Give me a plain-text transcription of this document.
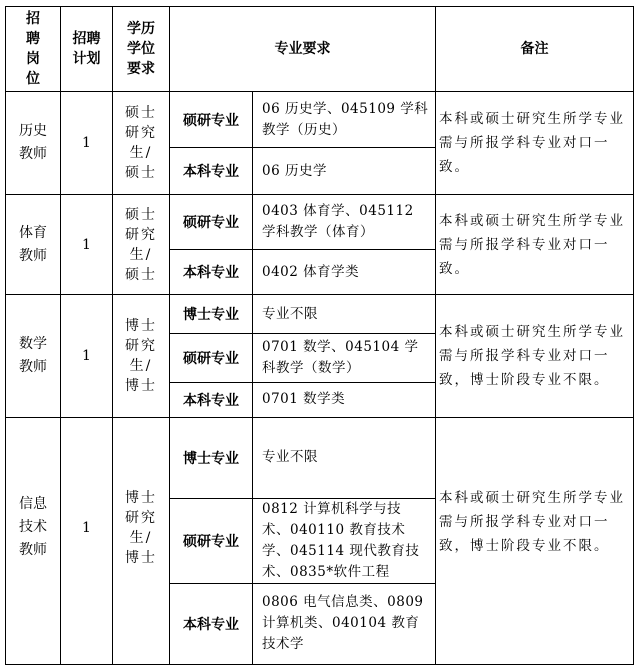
招聘岗位	招聘计划	学历学位要求	专业要求		备注
历史教师	1	硕士研究生/硕士	硕研专业	06 历史学、045109 学科教学（历史）	本科或硕士研究生所学专业需与所报学科专业对口一致。
			本科专业	06 历史学	
体育教师	1	硕士研究生/硕士	硕研专业	0403 体育学、045112 学科教学（体育）	本科或硕士研究生所学专业需与所报学科专业对口一致。
			本科专业	0402 体育学类	
数学教师	1	博士研究生/博士	博士专业	专业不限	本科或硕士研究生所学专业需与所报学科专业对口一致，博士阶段专业不限。
			硕研专业	0701 数学、045104 学科教学（数学）	
			本科专业	0701 数学类	
信息技术教师	1	博士研究生/博士	博士专业	专业不限	本科或硕士研究生所学专业需与所报学科专业对口一致，博士阶段专业不限。
			硕研专业	0812 计算机科学与技术、040110 教育技术学、045114 现代教育技术、0835*软件工程	
			本科专业	0806 电气信息类、0809 计算机类、040104 教育技术学	
